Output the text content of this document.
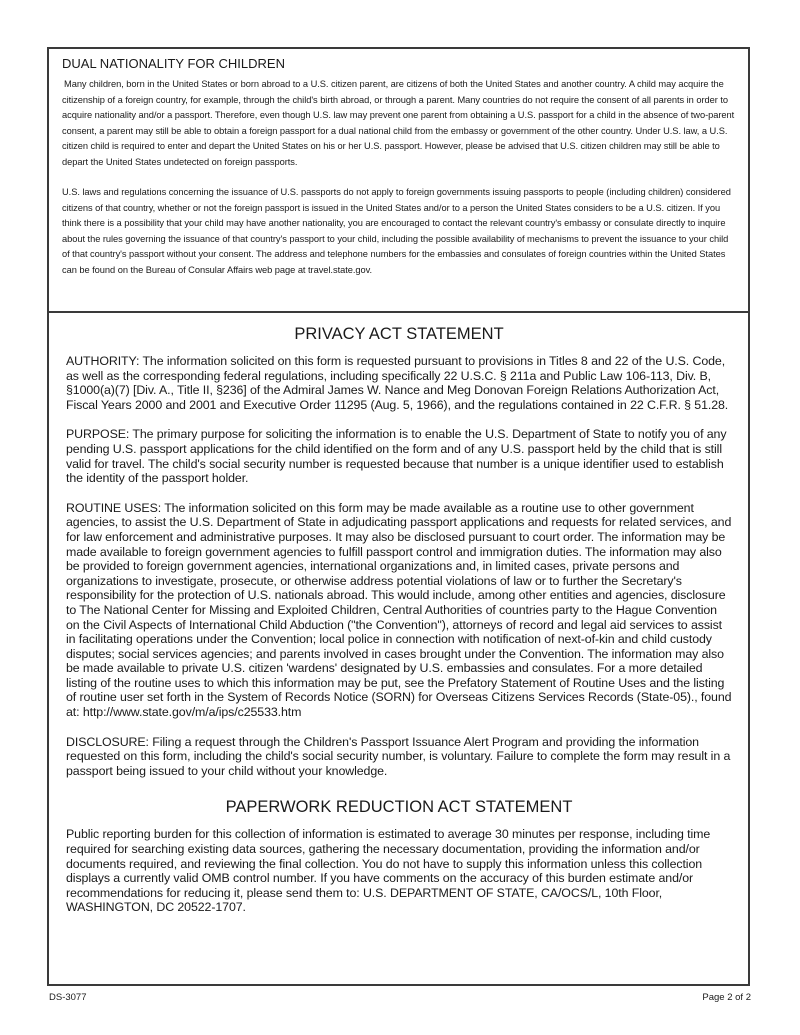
DUAL NATIONALITY FOR CHILDREN

Many children, born in the United States or born abroad to a U.S. citizen parent, are citizens of both the United States and another country. A child may acquire the citizenship of a foreign country, for example, through the child's birth abroad, or through a parent. Many countries do not require the consent of all parents in order to acquire nationality and/or a passport. Therefore, even though U.S. law may prevent one parent from obtaining a U.S. passport for a child in the absence of two-parent consent, a parent may still be able to obtain a foreign passport for a dual national child from the embassy or government of the other country. Under U.S. law, a U.S. citizen child is required to enter and depart the United States on his or her U.S. passport. However, please be advised that U.S. citizen children may still be able to depart the United States undetected on foreign passports.

U.S. laws and regulations concerning the issuance of U.S. passports do not apply to foreign governments issuing passports to people (including children) considered citizens of that country, whether or not the foreign passport is issued in the United States and/or to a person the United States considers to be a U.S. citizen. If you think there is a possibility that your child may have another nationality, you are encouraged to contact the relevant country's embassy or consulate directly to inquire about the rules governing the issuance of that country's passport to your child, including the possible availability of mechanisms to prevent the issuance to your child of that country's passport without your consent. The address and telephone numbers for the embassies and consulates of foreign countries within the United States can be found on the Bureau of Consular Affairs web page at travel.state.gov.

PRIVACY ACT STATEMENT

AUTHORITY: The information solicited on this form is requested pursuant to provisions in Titles 8 and 22 of the U.S. Code, as well as the corresponding federal regulations, including specifically 22 U.S.C. § 211a and Public Law 106-113, Div. B, §1000(a)(7) [Div. A., Title II, §236] of the Admiral James W. Nance and Meg Donovan Foreign Relations Authorization Act, Fiscal Years 2000 and 2001 and Executive Order 11295 (Aug. 5, 1966), and the regulations contained in 22 C.F.R. § 51.28.

PURPOSE: The primary purpose for soliciting the information is to enable the U.S. Department of State to notify you of any pending U.S. passport applications for the child identified on the form and of any U.S. passport held by the child that is still valid for travel. The child's social security number is requested because that number is a unique identifier used to establish the identity of the passport holder.

ROUTINE USES: The information solicited on this form may be made available as a routine use to other government agencies, to assist the U.S. Department of State in adjudicating passport applications and requests for related services, and for law enforcement and administrative purposes. It may also be disclosed pursuant to court order. The information may be made available to foreign government agencies to fulfill passport control and immigration duties. The information may also be provided to foreign government agencies, international organizations and, in limited cases, private persons and organizations to investigate, prosecute, or otherwise address potential violations of law or to further the Secretary's responsibility for the protection of U.S. nationals abroad. This would include, among other entities and agencies, disclosure to The National Center for Missing and Exploited Children, Central Authorities of countries party to the Hague Convention on the Civil Aspects of International Child Abduction ("the Convention"), attorneys of record and legal aid services to assist in facilitating operations under the Convention; local police in connection with notification of next-of-kin and child custody disputes; social services agencies; and parents involved in cases brought under the Convention. The information may also be made available to private U.S. citizen 'wardens' designated by U.S. embassies and consulates. For a more detailed listing of the routine uses to which this information may be put, see the Prefatory Statement of Routine Uses and the listing of routine user set forth in the System of Records Notice (SORN) for Overseas Citizens Services Records (State-05)., found at: http://www.state.gov/m/a/ips/c25533.htm

DISCLOSURE: Filing a request through the Children's Passport Issuance Alert Program and providing the information requested on this form, including the child's social security number, is voluntary. Failure to complete the form may result in a passport being issued to your child without your knowledge.

PAPERWORK REDUCTION ACT STATEMENT

Public reporting burden for this collection of information is estimated to average 30 minutes per response, including time required for searching existing data sources, gathering the necessary documentation, providing the information and/or documents required, and reviewing the final collection. You do not have to supply this information unless this collection displays a currently valid OMB control number. If you have comments on the accuracy of this burden estimate and/or recommendations for reducing it, please send them to: U.S. DEPARTMENT OF STATE, CA/OCS/L, 10th Floor, WASHINGTON, DC 20522-1707.

DS-3077	Page 2 of 2
